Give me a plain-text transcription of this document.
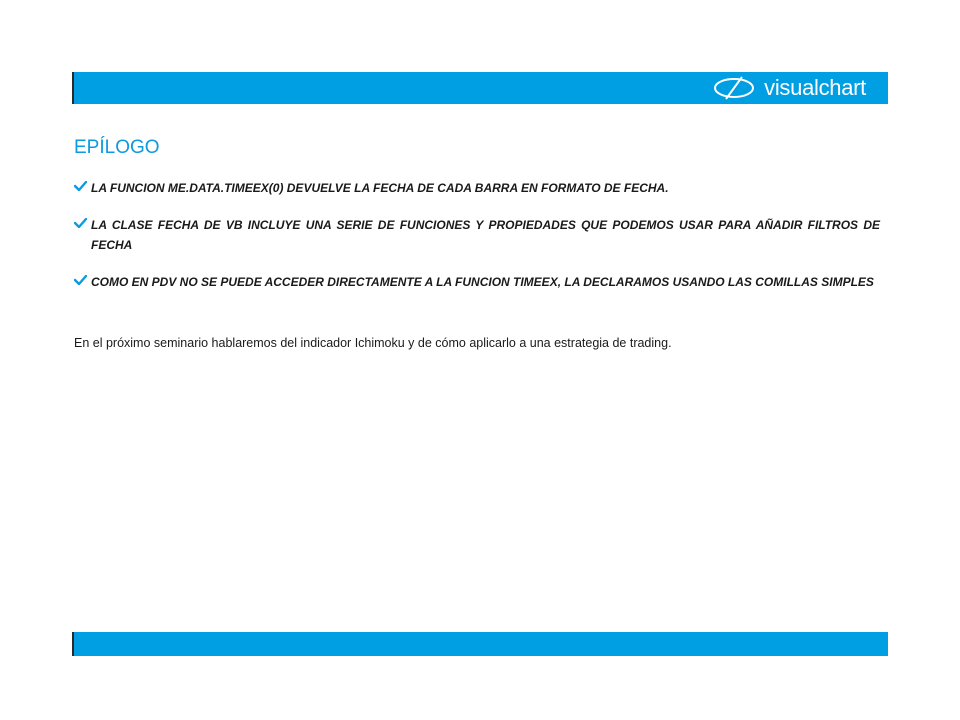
visualchart
EPÍLOGO
LA FUNCION ME.DATA.TIMEEX(0) DEVUELVE LA FECHA DE CADA BARRA EN FORMATO DE FECHA.
LA CLASE FECHA DE VB INCLUYE UNA SERIE DE FUNCIONES Y PROPIEDADES QUE PODEMOS USAR PARA AÑADIR FILTROS DE FECHA
COMO EN PDV NO SE PUEDE ACCEDER DIRECTAMENTE A LA FUNCION TIMEEX, LA DECLARAMOS USANDO LAS COMILLAS SIMPLES

En el próximo seminario hablaremos del indicador Ichimoku y de cómo aplicarlo a una estrategia de trading.
